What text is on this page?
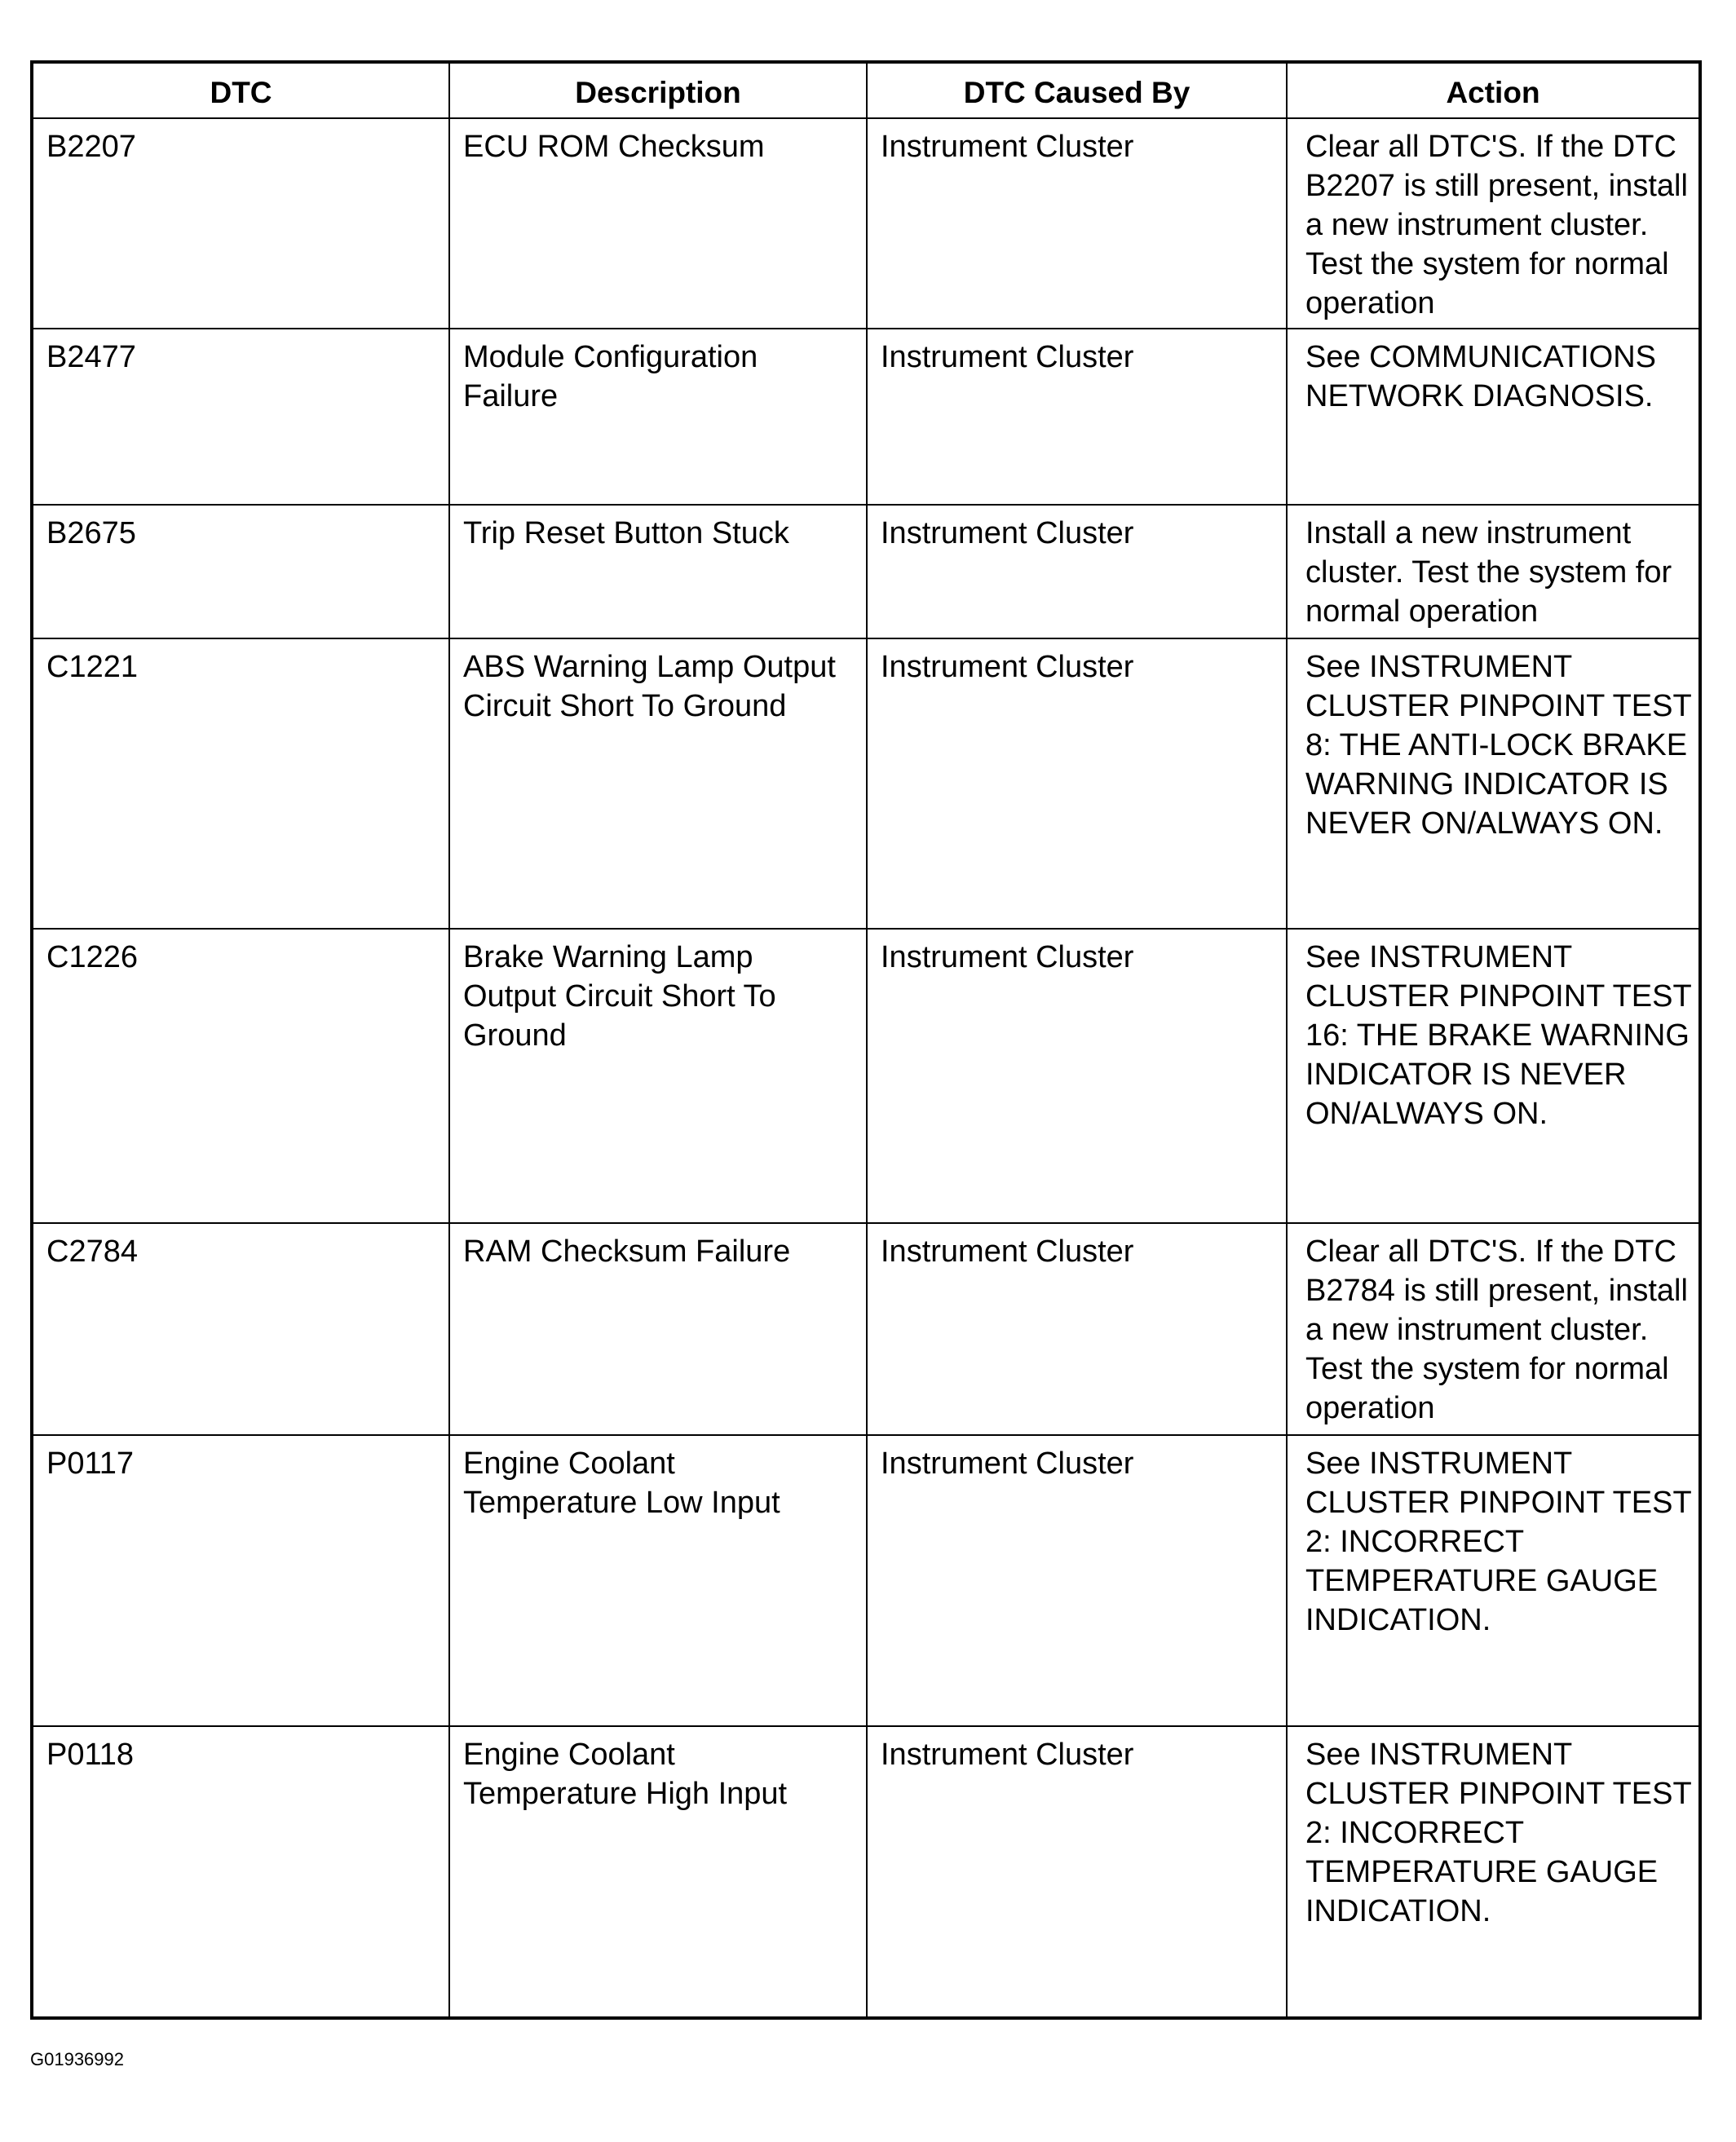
DTC	Description	DTC Caused By	Action
B2207	ECU ROM Checksum	Instrument Cluster	Clear all DTC'S. If the DTC B2207 is still present, install a new instrument cluster. Test the system for normal operation
B2477	Module Configuration Failure	Instrument Cluster	See COMMUNICATIONS NETWORK DIAGNOSIS.
B2675	Trip Reset Button Stuck	Instrument Cluster	Install a new instrument cluster. Test the system for normal operation
C1221	ABS Warning Lamp Output Circuit Short To Ground	Instrument Cluster	See INSTRUMENT CLUSTER PINPOINT TEST 8: THE ANTI-LOCK BRAKE WARNING INDICATOR IS NEVER ON/ALWAYS ON.
C1226	Brake Warning Lamp Output Circuit Short To Ground	Instrument Cluster	See INSTRUMENT CLUSTER PINPOINT TEST 16: THE BRAKE WARNING INDICATOR IS NEVER ON/ALWAYS ON.
C2784	RAM Checksum Failure	Instrument Cluster	Clear all DTC'S. If the DTC B2784 is still present, install a new instrument cluster. Test the system for normal operation
P0117	Engine Coolant Temperature Low Input	Instrument Cluster	See INSTRUMENT CLUSTER PINPOINT TEST 2: INCORRECT TEMPERATURE GAUGE INDICATION.
P0118	Engine Coolant Temperature High Input	Instrument Cluster	See INSTRUMENT CLUSTER PINPOINT TEST 2: INCORRECT TEMPERATURE GAUGE INDICATION.
G01936992
